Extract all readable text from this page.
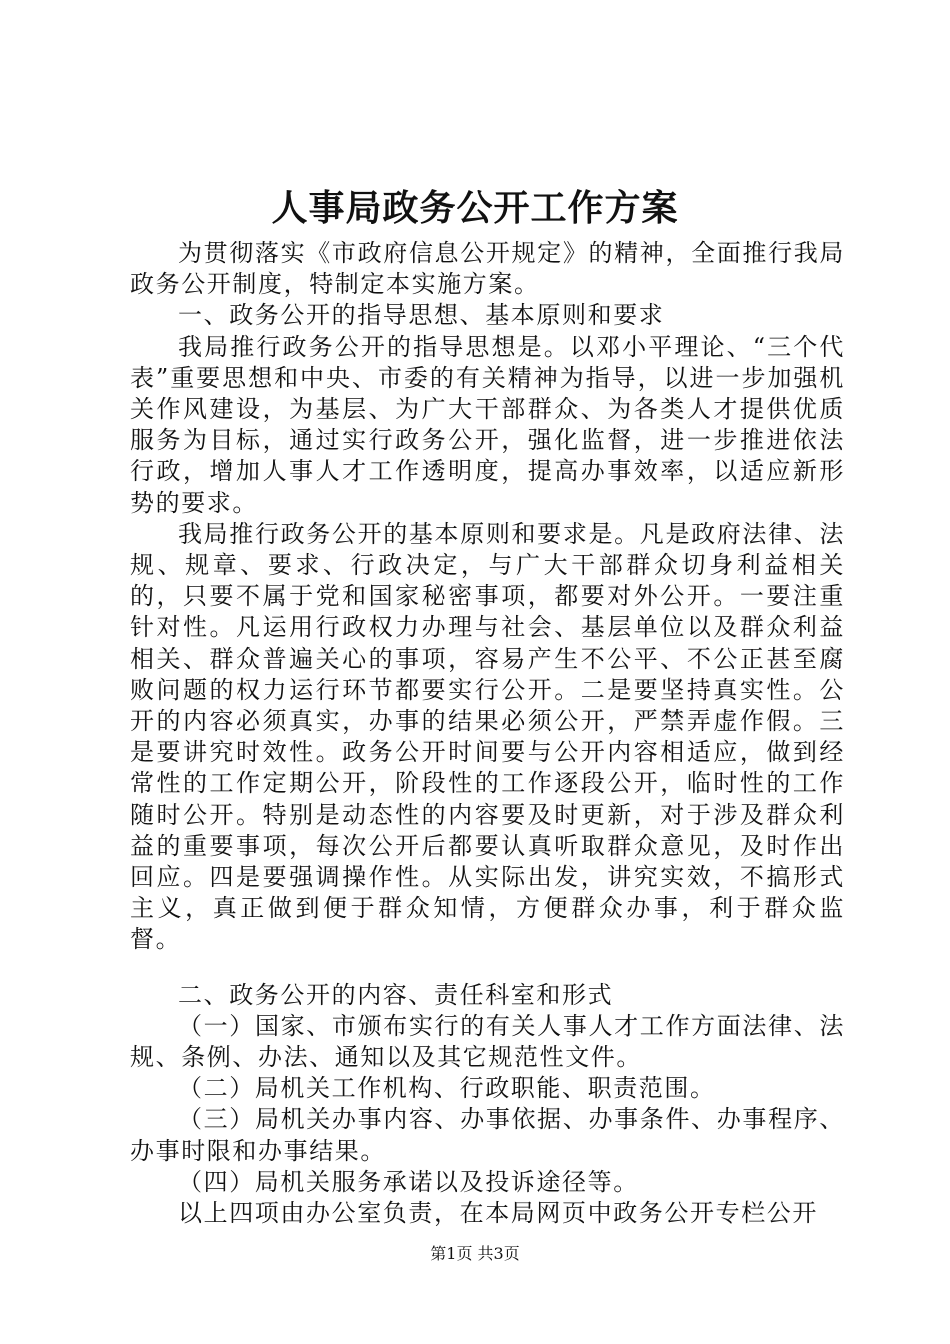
人事局政务公开工作方案

为贯彻落实《市政府信息公开规定》的精神，全面推行我局政务公开制度，特制定本实施方案。

一、政务公开的指导思想、基本原则和要求

我局推行政务公开的指导思想是。以邓小平理论、“三个代表”重要思想和中央、市委的有关精神为指导，以进一步加强机关作风建设，为基层、为广大干部群众、为各类人才提供优质服务为目标，通过实行政务公开，强化监督，进一步推进依法行政，增加人事人才工作透明度，提高办事效率，以适应新形势的要求。

我局推行政务公开的基本原则和要求是。凡是政府法律、法规、规章、要求、行政决定，与广大干部群众切身利益相关的，只要不属于党和国家秘密事项，都要对外公开。一要注重针对性。凡运用行政权力办理与社会、基层单位以及群众利益相关、群众普遍关心的事项，容易产生不公平、不公正甚至腐败问题的权力运行环节都要实行公开。二是要坚持真实性。公开的内容必须真实，办事的结果必须公开，严禁弄虚作假。三是要讲究时效性。政务公开时间要与公开内容相适应，做到经常性的工作定期公开，阶段性的工作逐段公开，临时性的工作随时公开。特别是动态性的内容要及时更新，对于涉及群众利益的重要事项，每次公开后都要认真听取群众意见，及时作出回应。四是要强调操作性。从实际出发，讲究实效，不搞形式主义，真正做到便于群众知情，方便群众办事，利于群众监督。

二、政务公开的内容、责任科室和形式

（一）国家、市颁布实行的有关人事人才工作方面法律、法规、条例、办法、通知以及其它规范性文件。

（二）局机关工作机构、行政职能、职责范围。

（三）局机关办事内容、办事依据、办事条件、办事程序、办事时限和办事结果。

（四）局机关服务承诺以及投诉途径等。

以上四项由办公室负责，在本局网页中政务公开专栏公开

第1页 共3页
